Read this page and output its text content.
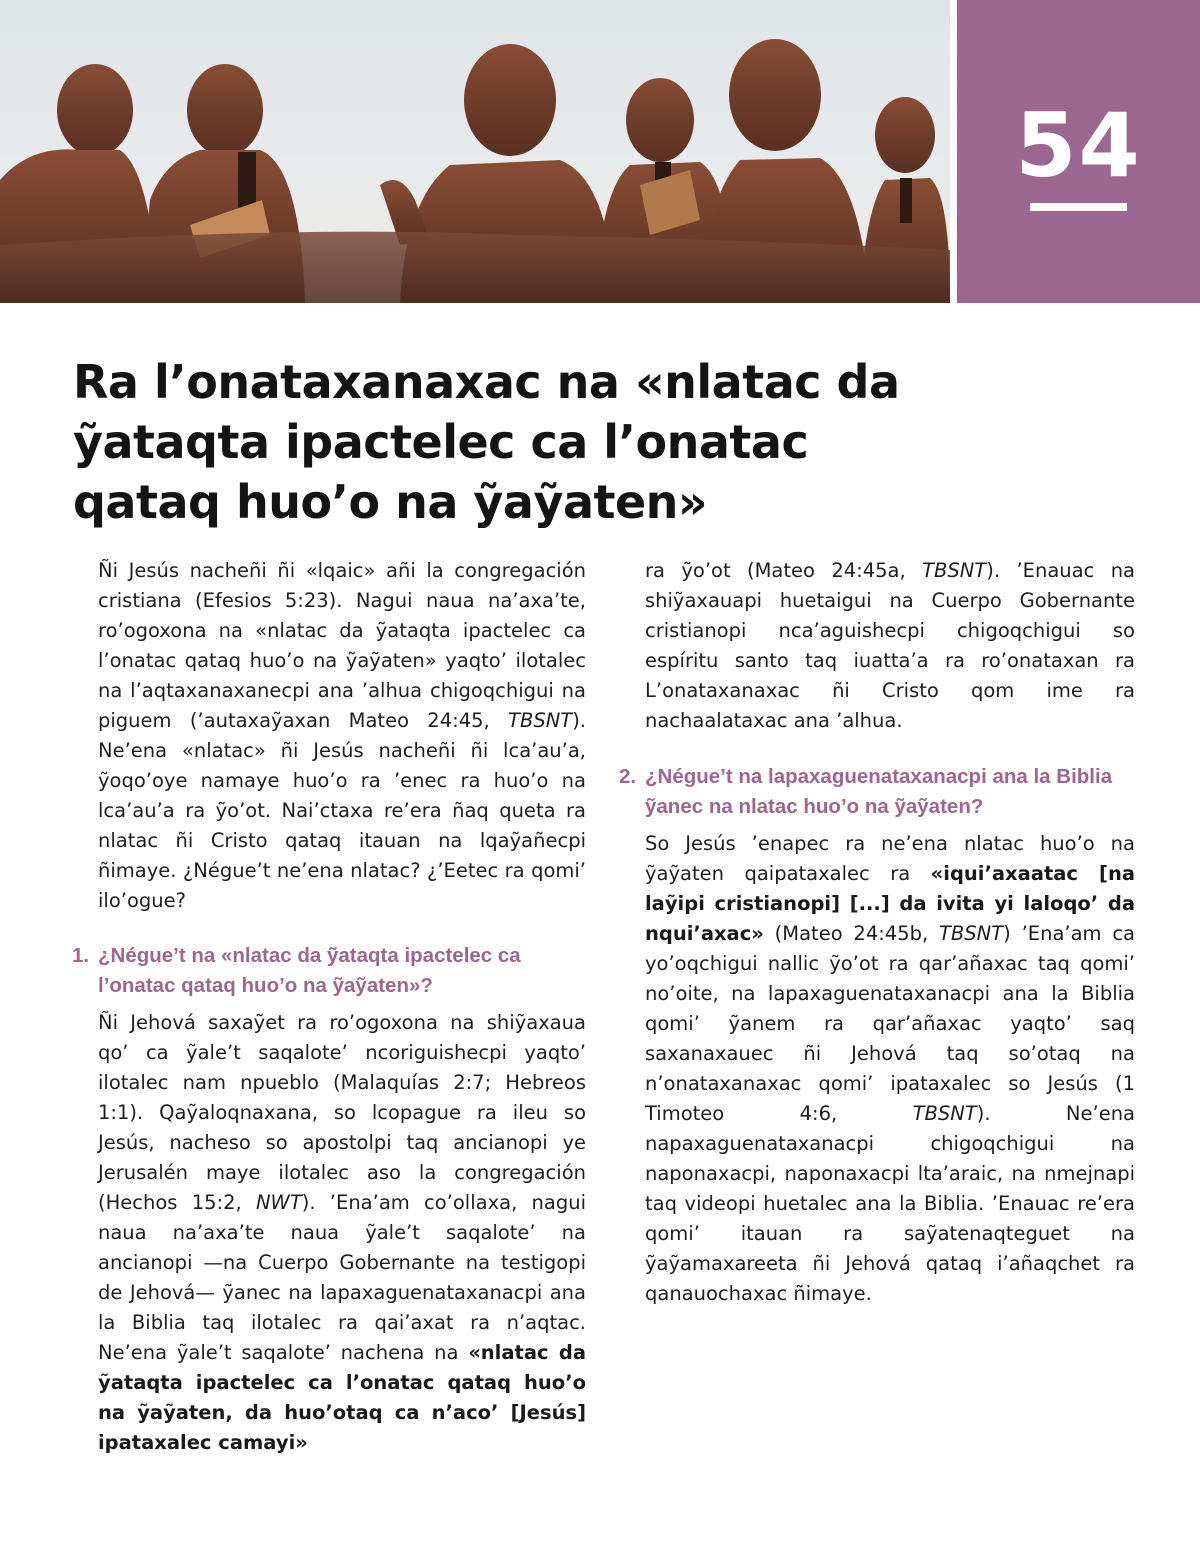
54
Ra l’onataxanaxac na «nlatac da ỹataqta ipactelec ca l’onatac qataq huo’o na ỹaỹaten»

Ñi Jesús nacheñi ñi «lqaic» añi la congregación cristiana (Efesios 5:23). Nagui naua na’axa’te, ro’ogoxona na «nlatac da ỹataqta ipactelec ca l’onatac qataq huo’o na ỹaỹaten» yaqto’ ilotalec na l’aqtaxanaxanecpi ana ’alhua chigoqchigui na piguem (’autaxaỹaxan Mateo 24:45, TBSNT). Ne’ena «nlatac» ñi Jesús nacheñi ñi lca’au’a, ỹoqo’oye namaye huo’o ra ’enec ra huo’o na lca’au’a ra ỹo’ot. Nai’ctaxa re’era ñaq queta ra nlatac ñi Cristo qataq itauan na lqaỹañecpi ñimaye. ¿Négue’t ne’ena nlatac? ¿’Eetec ra qomi’ ilo’ogue?

1. ¿Négue’t na «nlatac da ỹataqta ipactelec ca l’onatac qataq huo’o na ỹaỹaten»?

Ñi Jehová saxaỹet ra ro’ogoxona na shiỹaxaua qo’ ca ỹale’t saqalote’ ncoriguishecpi yaqto’ ilotalec nam npueblo (Malaquías 2:7; Hebreos 1:1). Qaỹaloqnaxana, so lcopague ra ileu so Jesús, nacheso so apostolpi taq ancianopi ye Jerusalén maye ilotalec aso la congregación (Hechos 15:2, NWT). ’Ena’am co’ollaxa, nagui naua na’axa’te naua ỹale’t saqalote’ na ancianopi —na Cuerpo Gobernante na testigopi de Jehová— ỹanec na lapaxaguenataxanacpi ana la Biblia taq ilotalec ra qai’axat ra n’aqtac. Ne’ena ỹale’t saqalote’ nachena na «nlatac da ỹataqta ipactelec ca l’onatac qataq huo’o na ỹaỹaten, da huo’otaq ca n’aco’ [Jesús] ipataxalec camayi»

ra ỹo’ot (Mateo 24:45a, TBSNT). ’Enauac na shiỹaxauapi huetaigui na Cuerpo Gobernante cristianopi nca’aguishecpi chigoqchigui so espíritu santo taq iuatta’a ra ro’onataxan ra L’onataxanaxac ñi Cristo qom ime ra nachaalataxac ana ’alhua.

2. ¿Négue’t na lapaxaguenataxanacpi ana la Biblia ỹanec na nlatac huo’o na ỹaỹaten?

So Jesús ’enapec ra ne’ena nlatac huo’o na ỹaỹaten qaipataxalec ra «iqui’axaatac [na laỹipi cristianopi] [...] da ivita yi laloqo’ da nqui’axac» (Mateo 24:45b, TBSNT) ’Ena’am ca yo’oqchigui nallic ỹo’ot ra qar’añaxac taq qomi’ no’oite, na lapaxaguenataxanacpi ana la Biblia qomi’ ỹanem ra qar’añaxac yaqto’ saq saxanaxauec ñi Jehová taq so’otaq na n’onataxanaxac qomi’ ipataxalec so Jesús (1 Timoteo 4:6,	TBSNT). Ne’ena napaxaguenataxanacpi chigoqchigui na naponaxacpi, naponaxacpi lta’araic, na nmejnapi taq videopi huetalec ana la Biblia. ’Enauac re’era qomi’ itauan ra saỹatenaqteguet na ỹaỹamaxareeta ñi Jehová qataq i’añaqchet ra qanauochaxac ñimaye.
